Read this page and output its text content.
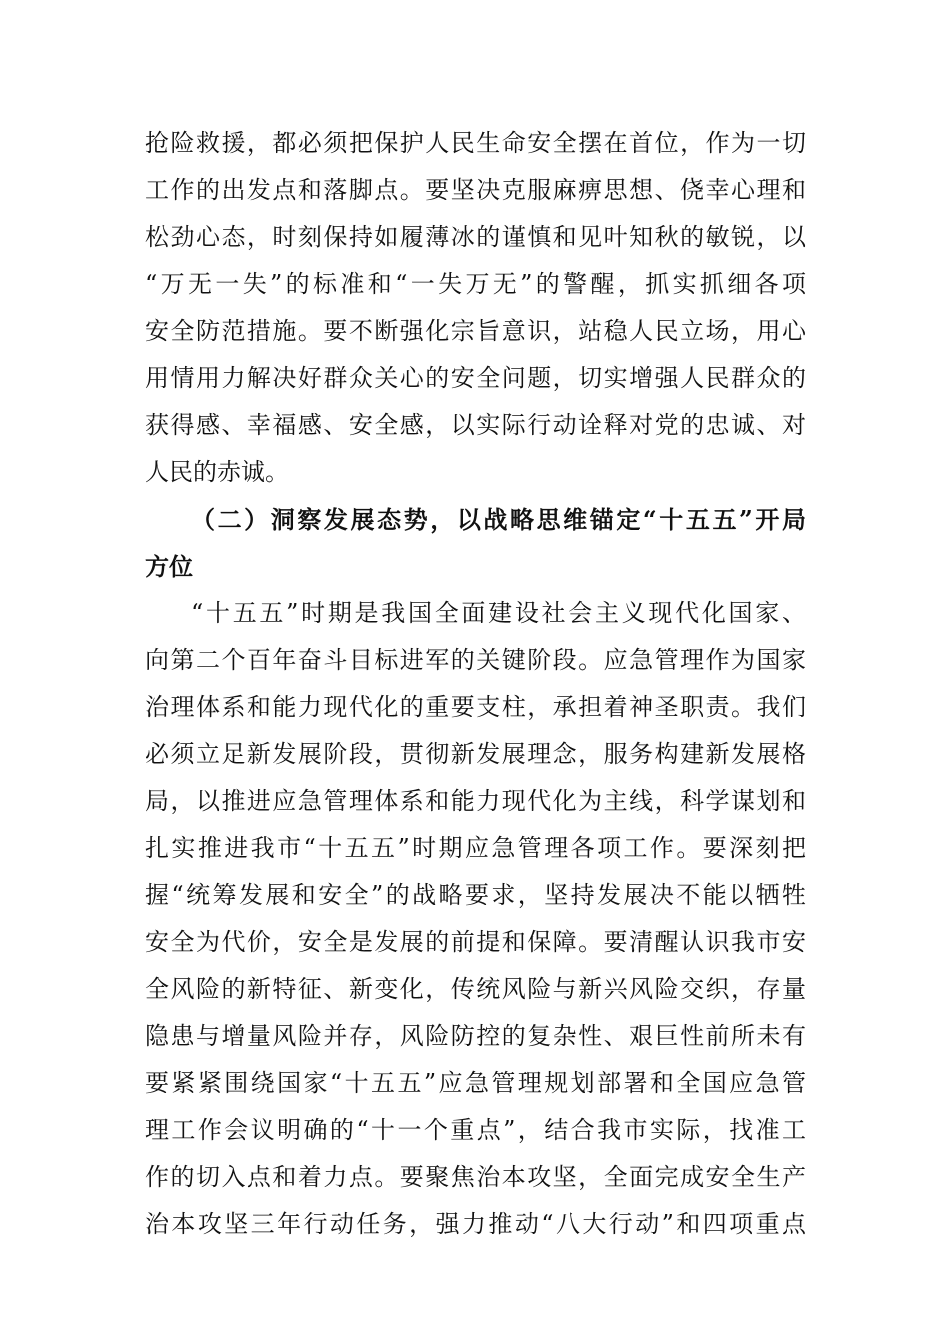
抢险救援，都必须把保护人民生命安全摆在首位，作为一切
工作的出发点和落脚点。要坚决克服麻痹思想、侥幸心理和
松劲心态，时刻保持如履薄冰的谨慎和见叶知秋的敏锐，以
“万无一失”的标准和“一失万无”的警醒，抓实抓细各项
安全防范措施。要不断强化宗旨意识，站稳人民立场，用心
用情用力解决好群众关心的安全问题，切实增强人民群众的
获得感、幸福感、安全感，以实际行动诠释对党的忠诚、对
人民的赤诚。
（二）洞察发展态势，以战略思维锚定“十五五”开局
方位
“十五五”时期是我国全面建设社会主义现代化国家、
向第二个百年奋斗目标进军的关键阶段。应急管理作为国家
治理体系和能力现代化的重要支柱，承担着神圣职责。我们
必须立足新发展阶段，贯彻新发展理念，服务构建新发展格
局，以推进应急管理体系和能力现代化为主线，科学谋划和
扎实推进我市“十五五”时期应急管理各项工作。要深刻把
握“统筹发展和安全”的战略要求，坚持发展决不能以牺牲
安全为代价，安全是发展的前提和保障。要清醒认识我市安
全风险的新特征、新变化，传统风险与新兴风险交织，存量
隐患与增量风险并存，风险防控的复杂性、艰巨性前所未有
要紧紧围绕国家“十五五”应急管理规划部署和全国应急管
理工作会议明确的“十一个重点”，结合我市实际，找准工
作的切入点和着力点。要聚焦治本攻坚，全面完成安全生产
治本攻坚三年行动任务，强力推动“八大行动”和四项重点
